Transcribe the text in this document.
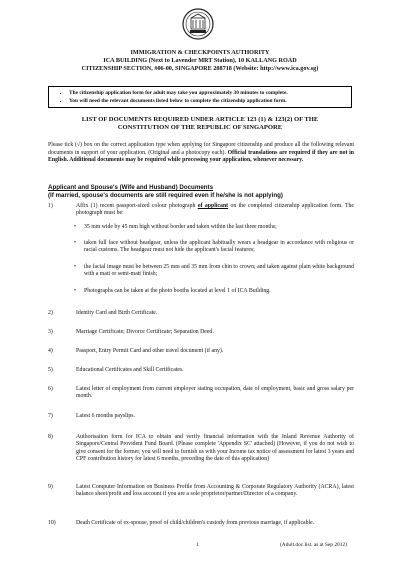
IMMIGRATION & CHECKPOINTS AUTHORITY
ICA BUILDING (Next to Lavender MRT Station), 10 KALLANG ROAD
CITIZENSHIP SECTION, #06-00, SINGAPORE 208718 (Website: http://www.ica.gov.sg)
• The citizenship application form for adult may take you approximately 30 minutes to complete.
• You will need the relevant documents listed below to complete the citizenship application form.
LIST OF DOCUMENTS REQUIRED UNDER ARTICLE 123 (1) & 123(2) OF THE
CONSTITUTION OF THE REPUBLIC OF SINGAPORE
Please tick (√) box on the correct application type when applying for Singapore citizenship and produce all the following relevant documents in support of your application. (Original and a photocopy each). Official translations are required if they are not in English. Additional documents may be required while processing your application, whenever necessary.
Applicant and Spouse's (Wife and Husband) Documents
(If married, spouse's documents are still required even if he/she is not applying)
1)	Affix (1) recent passport-sized colour photograph of applicant on the completed citizenship application form. The photograph must be:
• 35 mm wide by 45 mm high without border and taken within the last three months;
• taken full face without headgear, unless the applicant habitually wears a headgear in accordance with religious or racial customs. The headgear must not hide the applicant's facial features;
• the facial image must be between 25 mm and 35 mm from chin to crown; and taken against plain white background with a matt or semi-matt finish;
• Photographs can be taken at the photo booths located at level 1 of ICA Building.
2)	Identity Card and Birth Certificate.
3)	Marriage Certificate; Divorce Certificate; Separation Deed.
4)	Passport, Entry Permit Card and other travel document (if any).
5)	Educational Certificates and Skill Certificates.
6)	Latest letter of employment from current employer stating occupation, date of employment, basic and gross salary per month.
7)	Latest 6 months payslips.
8)	Authorisation form for ICA to obtain and verify financial information with the Inland Revenue Authority of Singapore/Central Provident Fund Board. (Please complete 'Appendix SC' attached) (However, if you do not wish to give consent for the former, you will need to furnish us with your Income tax notice of assessment for latest 3 years and CPF contribution history for latest 6 months, preceding the date of this application)
9)	Latest Computer Information on Business Profile from Accounting & Corporate Regulatory Authority (ACRA), latest balance sheet/profit and loss account if you are a sole proprietor/partner/Director of a company.
10)	Death Certificate of ex-spouse, proof of child/children's custody from previous marriage, if applicable.
1	(Adult.doc.list. as at Sep 2012)
